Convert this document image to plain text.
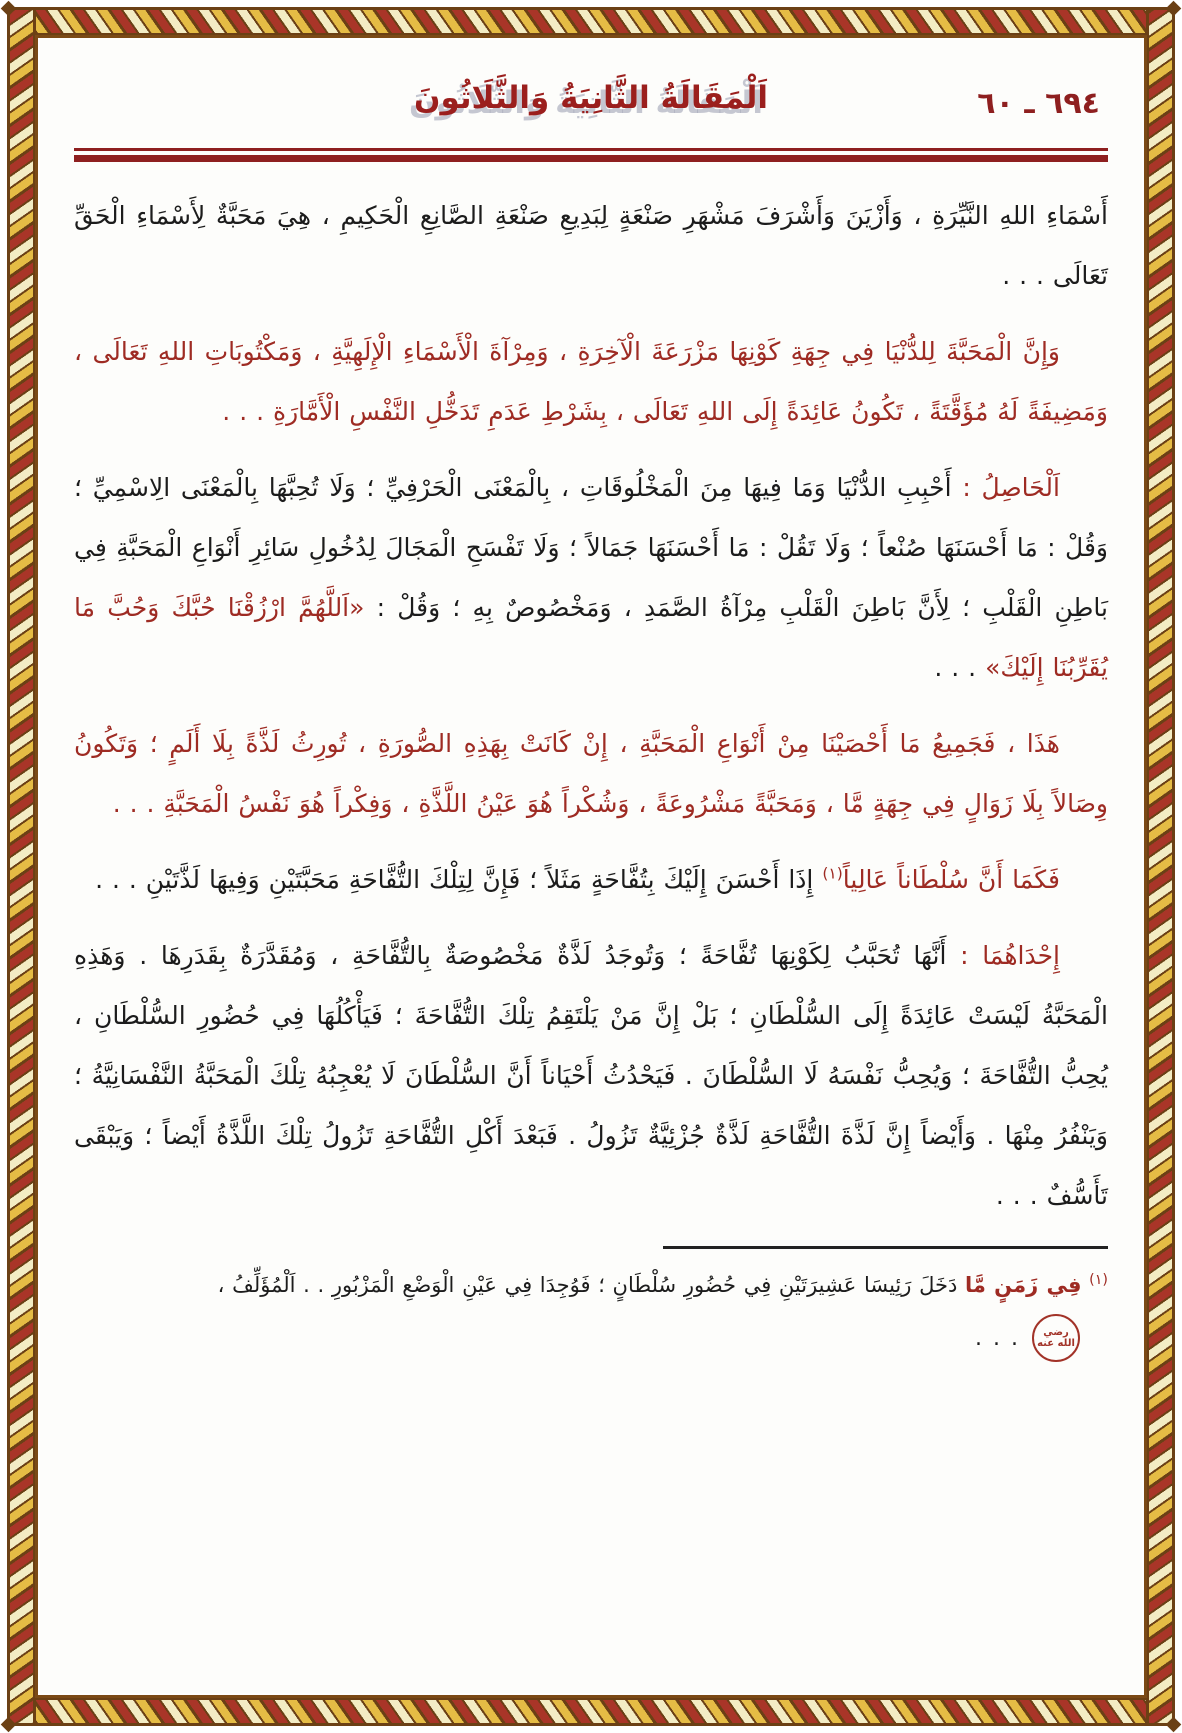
٦٩٤ ـ ٦٠
اَلْمَقَالَةُ الثَّانِيَةُ وَالثَّلَاثُونَ

أَسْمَاءِ اللهِ النَّيِّرَةِ ، وَأَزْيَنَ وَأَشْرَفَ مَشْهَرِ صَنْعَةٍ لِبَدِيعِ صَنْعَةِ الصَّانِعِ الْحَكِيمِ ، هِيَ مَحَبَّةٌ لِأَسْمَاءِ الْحَقِّ تَعَالَى . . .

وَإِنَّ الْمَحَبَّةَ لِلدُّنْيَا فِي جِهَةِ كَوْنِهَا مَزْرَعَةَ الْآخِرَةِ ، وَمِرْآةَ الْأَسْمَاءِ الْإِلَهِيَّةِ ، وَمَكْتُوبَاتِ اللهِ تَعَالَى ، وَمَضِيفَةً لَهُ مُؤَقَّتَةً ، تَكُونُ عَائِدَةً إِلَى اللهِ تَعَالَى ، بِشَرْطِ عَدَمِ تَدَخُّلِ النَّفْسِ الْأَمَّارَةِ . . .

اَلْحَاصِلُ : أَحْبِبِ الدُّنْيَا وَمَا فِيهَا مِنَ الْمَخْلُوقَاتِ ، بِالْمَعْنَى الْحَرْفِيِّ ؛ وَلَا تُحِبَّهَا بِالْمَعْنَى الِاسْمِيِّ ؛ وَقُلْ : مَا أَحْسَنَهَا صُنْعاً ؛ وَلَا تَقُلْ : مَا أَحْسَنَهَا جَمَالاً ؛ وَلَا تَفْسَحِ الْمَجَالَ لِدُخُولِ سَائِرِ أَنْوَاعِ الْمَحَبَّةِ فِي بَاطِنِ الْقَلْبِ ؛ لِأَنَّ بَاطِنَ الْقَلْبِ مِرْآةُ الصَّمَدِ ، وَمَخْصُوصٌ بِهِ ؛ وَقُلْ : «اَللَّهُمَّ ارْزُقْنَا حُبَّكَ وَحُبَّ مَا يُقَرِّبُنَا إِلَيْكَ» . . .

هَذَا ، فَجَمِيعُ مَا أَحْصَيْنَا مِنْ أَنْوَاعِ الْمَحَبَّةِ ، إِنْ كَانَتْ بِهَذِهِ الصُّورَةِ ، تُورِثُ لَذَّةً بِلَا أَلَمٍ ؛ وَتَكُونُ وِصَالاً بِلَا زَوَالٍ فِي جِهَةٍ مَّا ، وَمَحَبَّةً مَشْرُوعَةً ، وَشُكْراً هُوَ عَيْنُ اللَّذَّةِ ، وَفِكْراً هُوَ نَفْسُ الْمَحَبَّةِ . . .

فَكَمَا أَنَّ سُلْطَاناً عَالِياً$^{(١)}$ إِذَا أَحْسَنَ إِلَيْكَ بِتُفَّاحَةٍ مَثَلاً ؛ فَإِنَّ لِتِلْكَ التُّفَّاحَةِ مَحَبَّتَيْنِ وَفِيهَا لَذَّتَيْنِ . . .

إِحْدَاهُمَا : أَنَّهَا تُحَبَّبُ لِكَوْنِهَا تُفَّاحَةً ؛ وَتُوجَدُ لَذَّةٌ مَخْصُوصَةٌ بِالتُّفَّاحَةِ ، وَمُقَدَّرَةٌ بِقَدَرِهَا . وَهَذِهِ الْمَحَبَّةُ لَيْسَتْ عَائِدَةً إِلَى السُّلْطَانِ ؛ بَلْ إِنَّ مَنْ يَلْتَقِمُ تِلْكَ التُّفَّاحَةَ ؛ فَيَأْكُلُهَا فِي حُضُورِ السُّلْطَانِ ، يُحِبُّ التُّفَّاحَةَ ؛ وَيُحِبُّ نَفْسَهُ لَا السُّلْطَانَ . فَيَحْدُثُ أَحْيَاناً أَنَّ السُّلْطَانَ لَا يُعْجِبُهُ تِلْكَ الْمَحَبَّةُ النَّفْسَانِيَّةُ ؛ وَيَنْفُرُ مِنْهَا . وَأَيْضاً إِنَّ لَذَّةَ التُّفَّاحَةِ لَذَّةٌ جُزْئِيَّةٌ تَزُولُ . فَبَعْدَ أَكْلِ التُّفَّاحَةِ تَزُولُ تِلْكَ اللَّذَّةُ أَيْضاً ؛ وَيَبْقَى تَأَسُّفٌ . . .

$^{(١)}$ فِي زَمَنٍ مَّا دَخَلَ رَئِيسَا عَشِيرَتَيْنِ فِي حُضُورِ سُلْطَانٍ ؛ فَوُجِدَا فِي عَيْنِ الْوَضْعِ الْمَزْبُورِ . . اَلْمُؤَلِّفُ ،
رضي الله عنه
. . .
